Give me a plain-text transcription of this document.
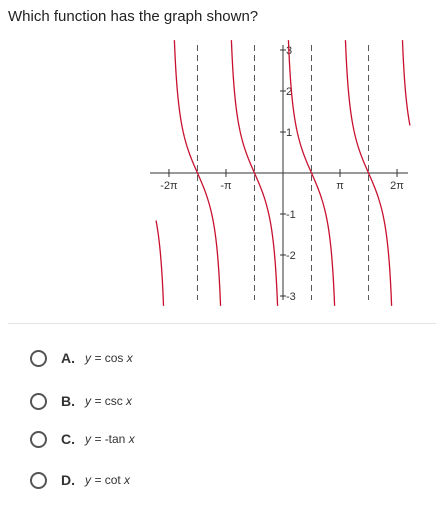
Which function has the graph shown?
-2π	-π	π	2π
3
2
1
-1
-2
-3
A. y = cos x
B. y = csc x
C. y = -tan x
D. y = cot x
